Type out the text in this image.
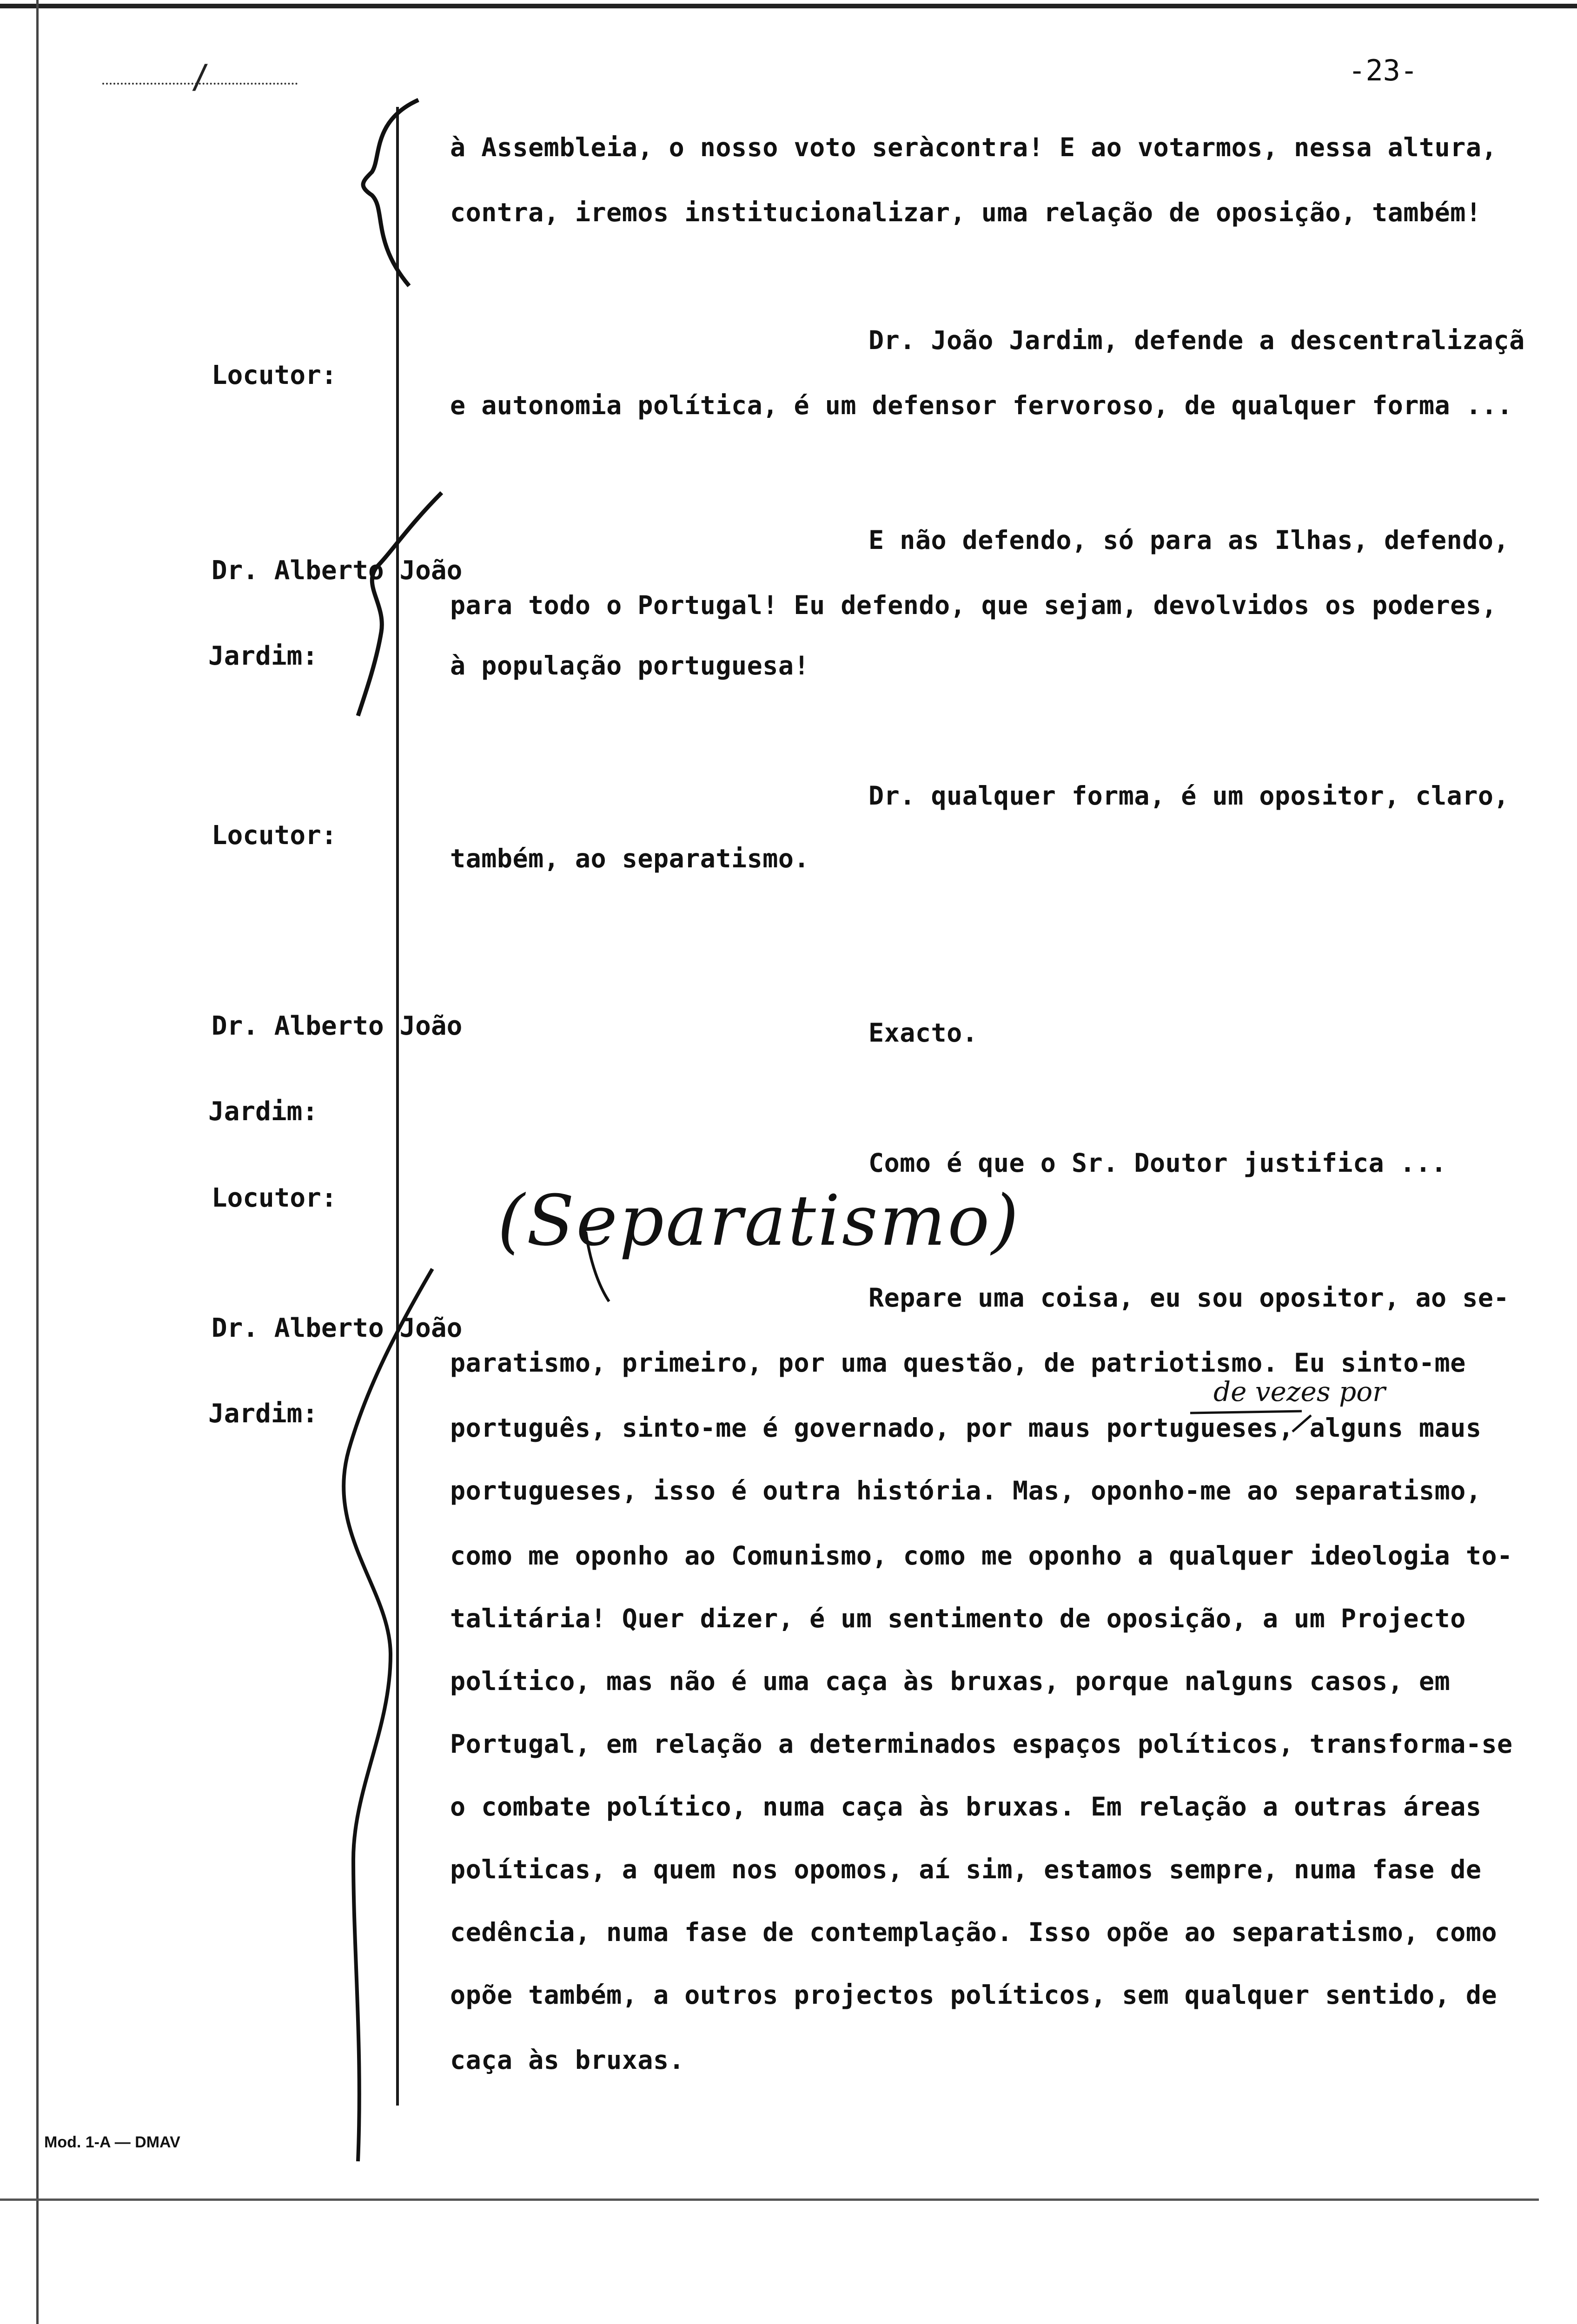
/	-23-

Locutor:

Dr. Alberto João

Jardim:

Locutor:

Dr. Alberto João

Jardim:

Locutor:

Dr. Alberto João

Jardim:

à Assembleia, o nosso voto seràcontra! E ao votarmos, nessa altura,
contra, iremos institucionalizar, uma relação de oposição, também!
Dr. João Jardim, defende a descentralizaçã
e autonomia política, é um defensor fervoroso, de qualquer forma ...
E não defendo, só para as Ilhas, defendo,
para todo o Portugal! Eu defendo, que sejam, devolvidos os poderes,
à população portuguesa!
Dr. qualquer forma, é um opositor, claro,
também, ao separatismo.
Exacto.
Como é que o Sr. Doutor justifica ...
(Separatismo)
de vezes por
Repare uma coisa, eu sou opositor, ao se-
paratismo, primeiro, por uma questão, de patriotismo. Eu sinto-me
português, sinto-me é governado, por maus portugueses, alguns maus
portugueses, isso é outra história. Mas, oponho-me ao separatismo,
como me oponho ao Comunismo, como me oponho a qualquer ideologia to-
talitária! Quer dizer, é um sentimento de oposição, a um Projecto
político, mas não é uma caça às bruxas, porque nalguns casos, em
Portugal, em relação a determinados espaços políticos, transforma-se
o combate político, numa caça às bruxas. Em relação a outras áreas
políticas, a quem nos opomos, aí sim, estamos sempre, numa fase de
cedência, numa fase de contemplação. Isso opõe ao separatismo, como
opõe também, a outros projectos políticos, sem qualquer sentido, de
caça às bruxas.
Mod. 1-A — DMAV
